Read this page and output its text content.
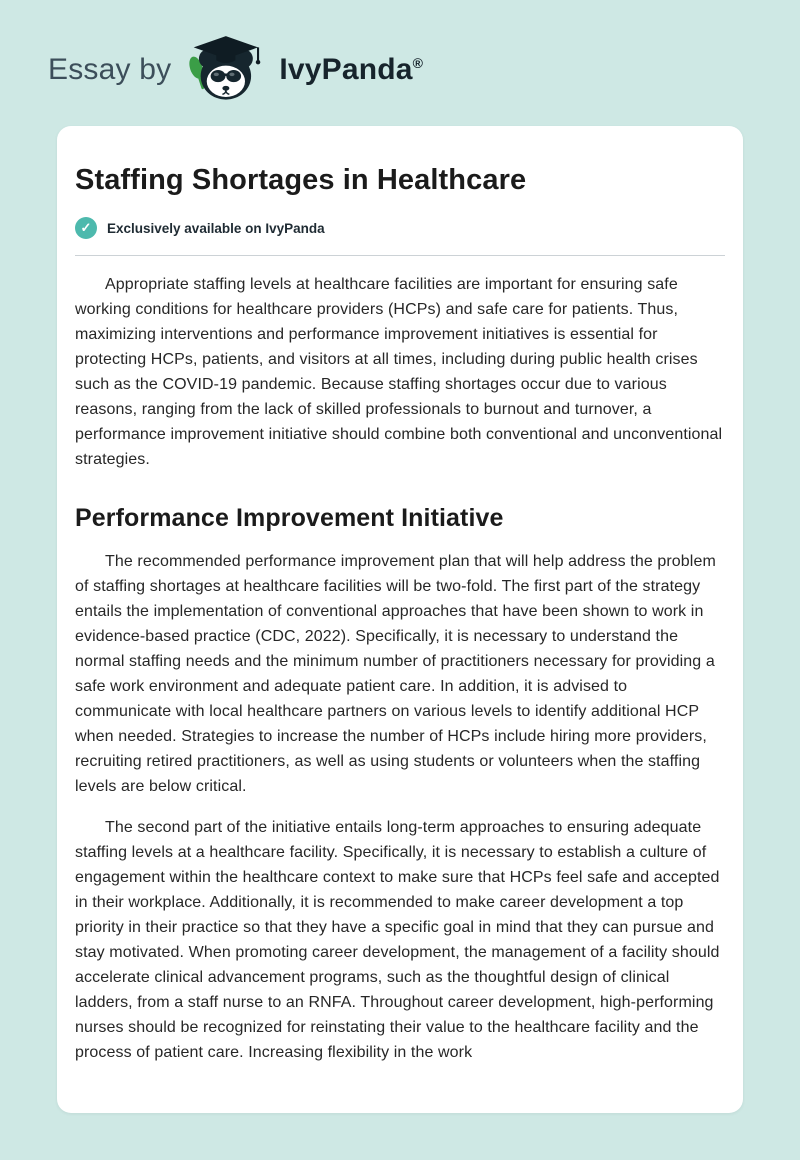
Essay by	IvyPanda®
Staffing Shortages in Healthcare
✓	Exclusively available on IvyPanda

Appropriate staffing levels at healthcare facilities are important for ensuring safe working conditions for healthcare providers (HCPs) and safe care for patients. Thus, maximizing interventions and performance improvement initiatives is essential for protecting HCPs, patients, and visitors at all times, including during public health crises such as the COVID-19 pandemic. Because staffing shortages occur due to various reasons, ranging from the lack of skilled professionals to burnout and turnover, a performance improvement initiative should combine both conventional and unconventional strategies.

Performance Improvement Initiative

The recommended performance improvement plan that will help address the problem of staffing shortages at healthcare facilities will be two-fold. The first part of the strategy entails the implementation of conventional approaches that have been shown to work in evidence-based practice (CDC, 2022). Specifically, it is necessary to understand the normal staffing needs and the minimum number of practitioners necessary for providing a safe work environment and adequate patient care. In addition, it is advised to communicate with local healthcare partners on various levels to identify additional HCP when needed. Strategies to increase the number of HCPs include hiring more providers, recruiting retired practitioners, as well as using students or volunteers when the staffing levels are below critical.

The second part of the initiative entails long-term approaches to ensuring adequate staffing levels at a healthcare facility. Specifically, it is necessary to establish a culture of engagement within the healthcare context to make sure that HCPs feel safe and accepted in their workplace. Additionally, it is recommended to make career development a top priority in their practice so that they have a specific goal in mind that they can pursue and stay motivated. When promoting career development, the management of a facility should accelerate clinical advancement programs, such as the thoughtful design of clinical ladders, from a staff nurse to an RNFA. Throughout career development, high-performing nurses should be recognized for reinstating their value to the healthcare facility and the process of patient care. Increasing flexibility in the work
